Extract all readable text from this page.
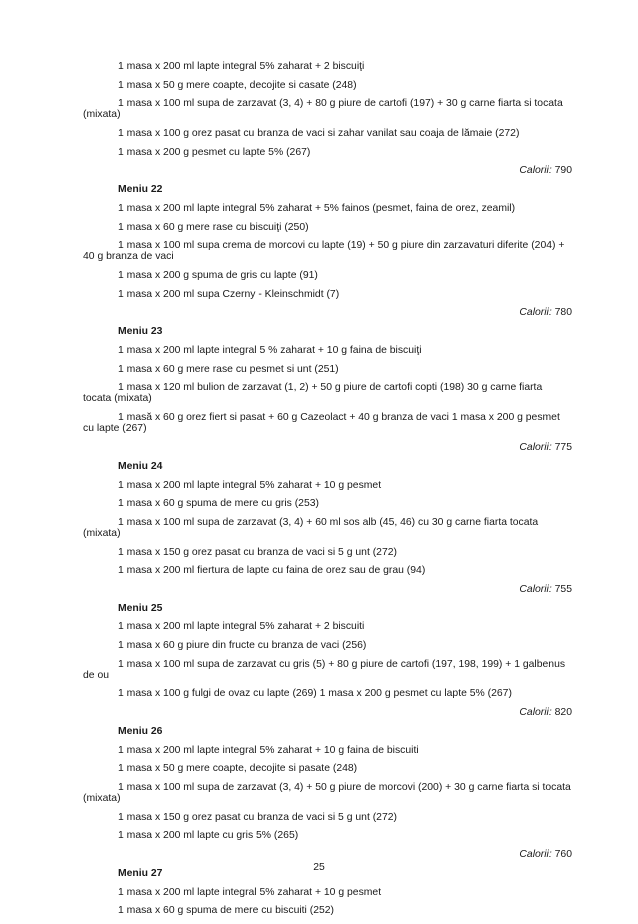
1 masa x 200 ml lapte integral 5% zaharat + 2 biscuiţi

1 masa x 50 g mere coapte, decojite si casate (248)

1 masa x 100 ml supa de zarzavat (3, 4) + 80 g piure de cartofi (197) + 30 g carne fiarta si tocata (mixata)

1 masa x 100 g orez pasat cu branza de vaci si zahar vanilat sau coaja de lămaie (272)

1 masa x 200 g pesmet cu lapte 5% (267)

Calorii: 790

Meniu 22

1 masa x 200 ml lapte integral 5% zaharat + 5% fainos (pesmet, faina de orez, zeamil)

1 masa x 60 g mere rase cu biscuiţi (250)

1 masa x 100 ml supa crema de morcovi cu lapte (19) + 50 g piure din zarzavaturi diferite (204) + 40 g branza de vaci

1 masa x 200 g spuma de gris cu lapte (91)

1 masa x 200 ml supa Czerny - Kleinschmidt (7)

Calorii: 780

Meniu 23

1 masa x 200 ml lapte integral 5 % zaharat + 10 g faina de biscuiţi

1 masa x 60 g mere rase cu pesmet si unt (251)

1 masa x 120 ml bulion de zarzavat (1, 2) + 50 g piure de cartofi copti (198) 30 g carne fiarta tocata (mixata)

1 masă x 60 g orez fiert si pasat + 60 g Cazeolact + 40 g branza de vaci 1 masa x 200 g pesmet cu lapte (267)

Calorii: 775

Meniu 24

1 masa x 200 ml lapte integral 5% zaharat + 10 g pesmet

1 masa x 60 g spuma de mere cu gris (253)

1 masa x 100 ml supa de zarzavat (3, 4) + 60 ml sos alb (45, 46) cu 30 g carne fiarta tocata (mixata)

1 masa x 150 g orez pasat cu branza de vaci si 5 g unt (272)

1 masa x 200 ml fiertura de lapte cu faina de orez sau de grau (94)

Calorii: 755

Meniu 25

1 masa x 200 ml lapte integral 5% zaharat + 2 biscuiti

1 masa x 60 g piure din fructe cu branza de vaci (256)

1 masa x 100 ml supa de zarzavat cu gris (5) + 80 g piure de cartofi (197, 198, 199) + 1 galbenus de ou

1 masa x 100 g fulgi de ovaz cu lapte (269) 1 masa x 200 g pesmet cu lapte 5% (267)

Calorii: 820

Meniu 26

1 masa x 200 ml lapte integral 5% zaharat + 10 g faina de biscuiti

1 masa x 50 g mere coapte, decojite si pasate (248)

1 masa x 100 ml supa de zarzavat (3, 4) + 50 g piure de morcovi (200) + 30 g carne fiarta si tocata (mixata)

1 masa x 150 g orez pasat cu branza de vaci si 5 g unt (272)

1 masa x 200 ml lapte cu gris 5% (265)

Calorii: 760

Meniu 27

1 masa x 200 ml lapte integral 5% zaharat + 10 g pesmet

1 masa x 60 g spuma de mere cu biscuiti (252)

25
